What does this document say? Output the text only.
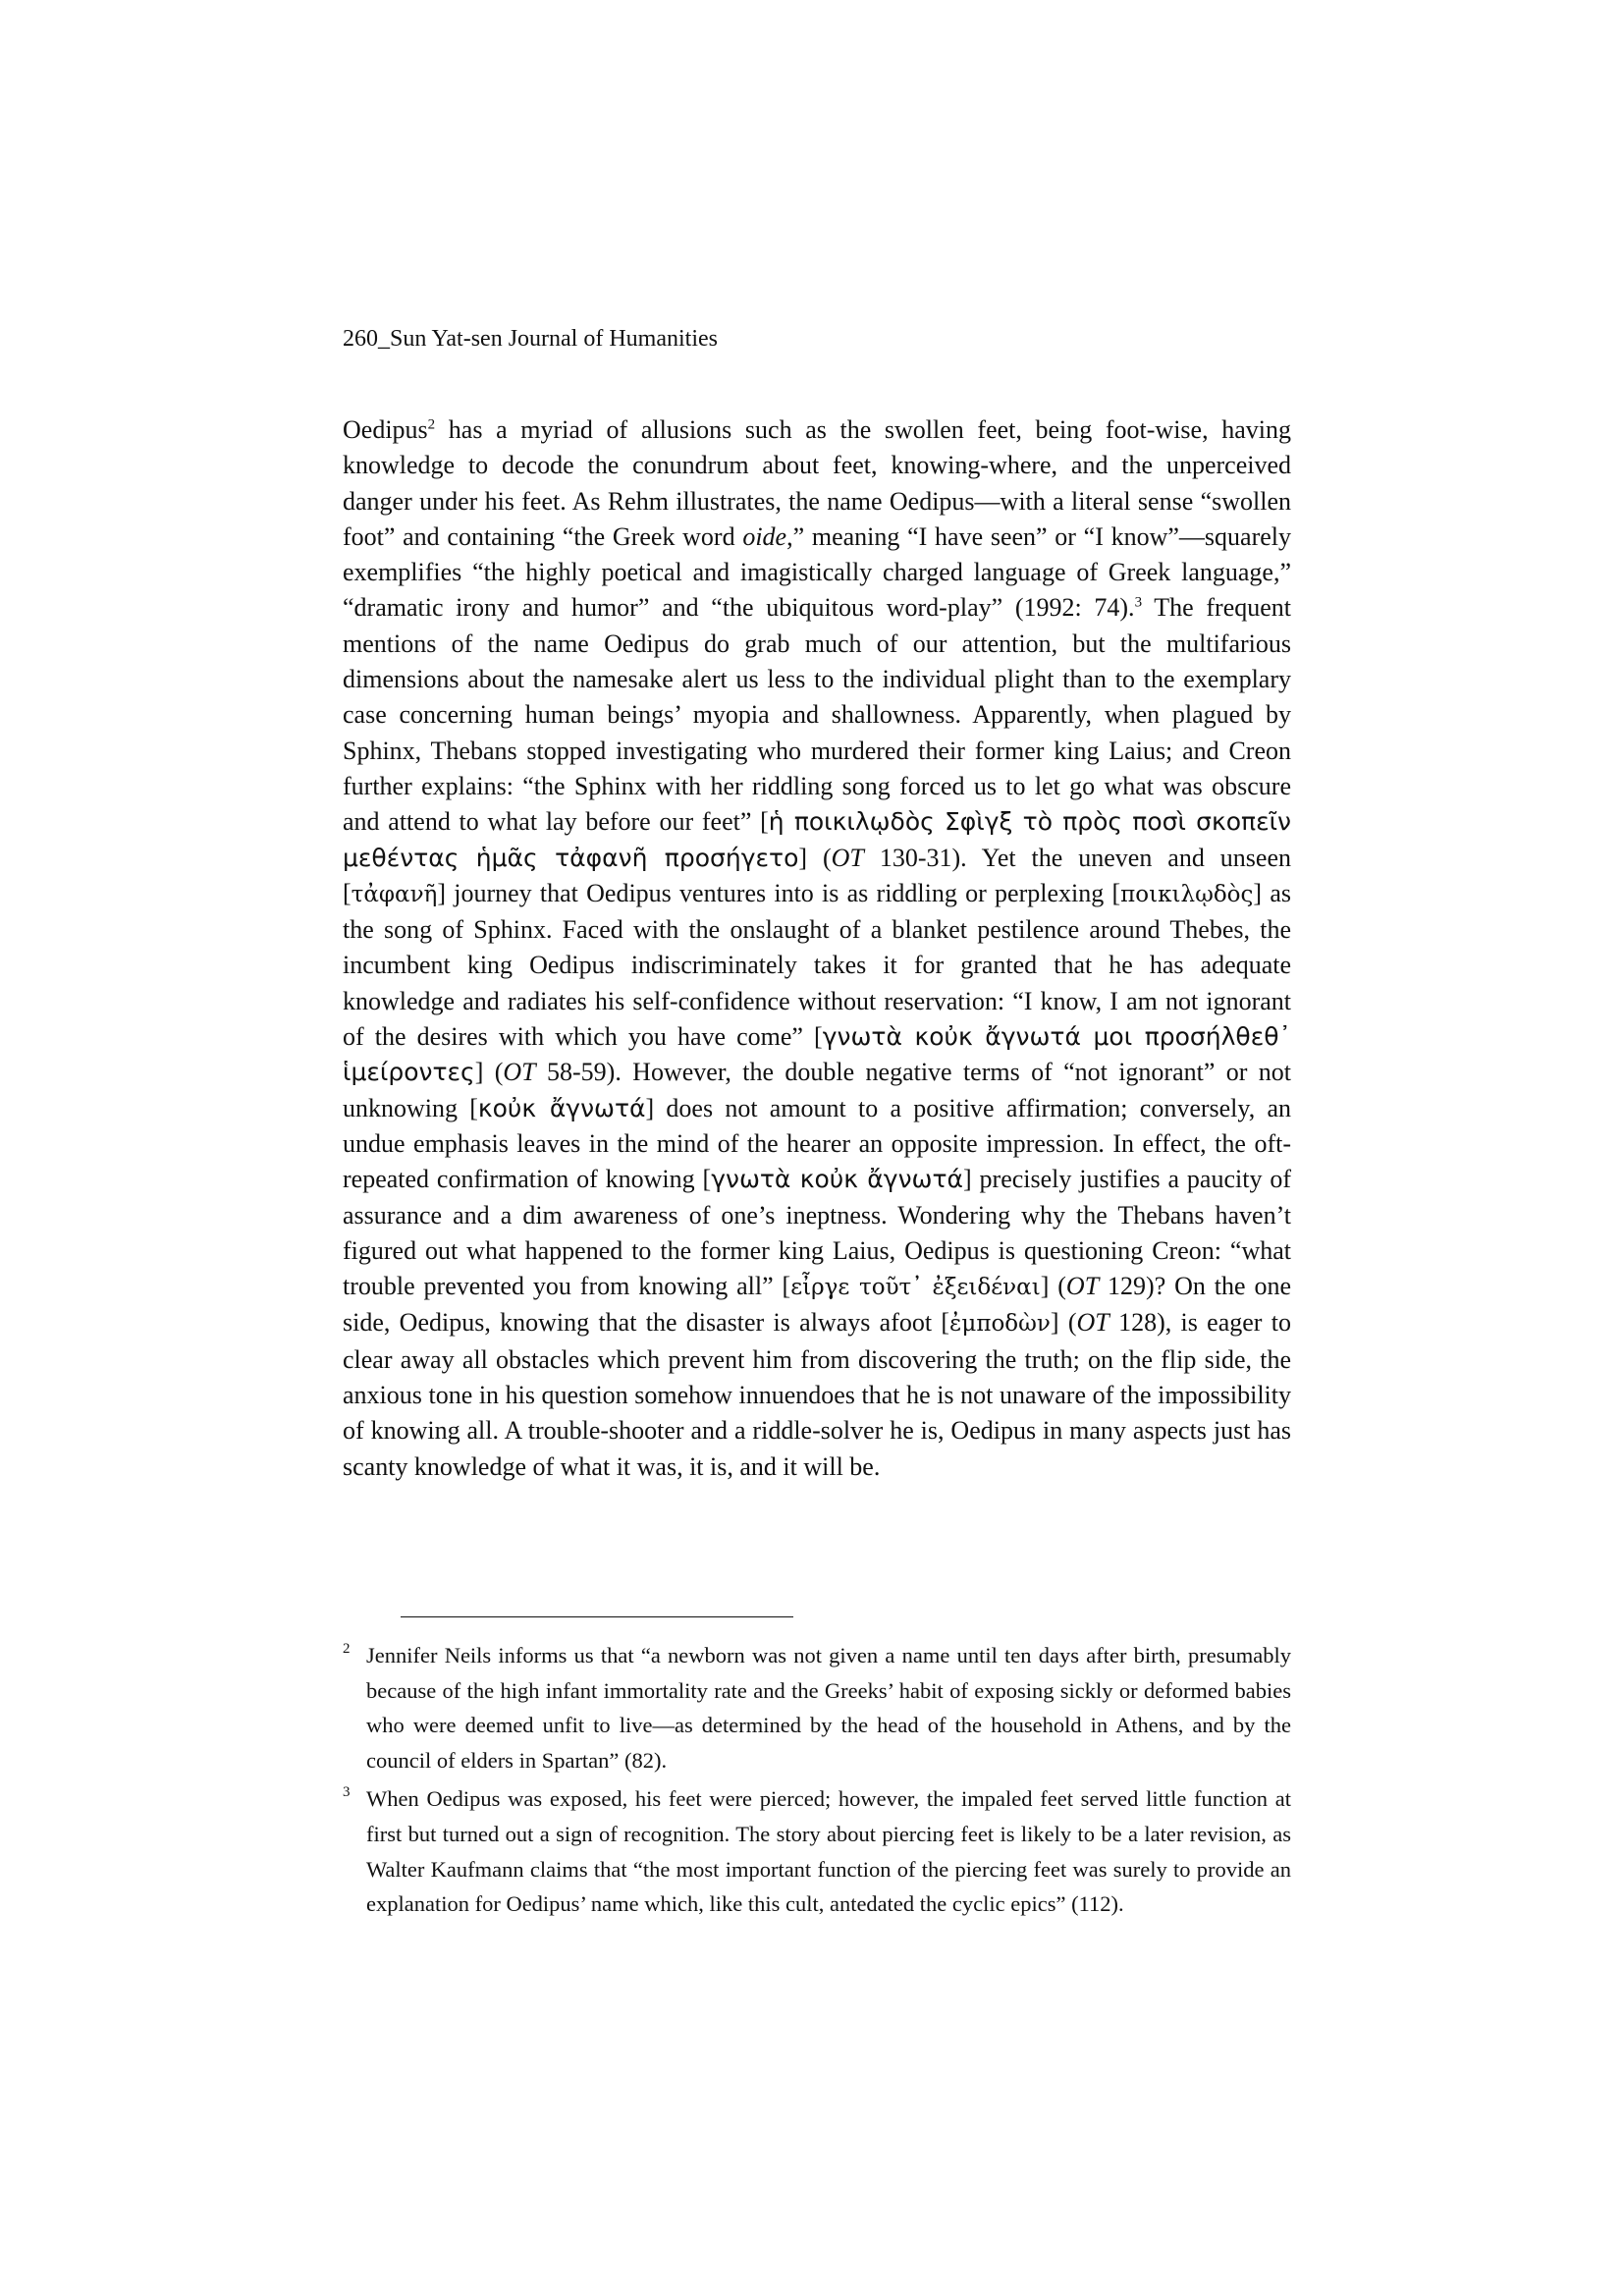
260_Sun Yat-sen Journal of Humanities

Oedipus$^2$ has a myriad of allusions such as the swollen feet, being foot-wise, having knowledge to decode the conundrum about feet, knowing-where, and the unperceived danger under his feet. As Rehm illustrates, the name Oedipus—with a literal sense “swollen foot” and containing “the Greek word oide,” meaning “I have seen” or “I know”—squarely exemplifies “the highly poetical and imagistically charged language of Greek language,” “dramatic irony and humor” and “the ubiquitous word-play” (1992: 74).$^3$ The frequent mentions of the name Oedipus do grab much of our attention, but the multifarious dimensions about the namesake alert us less to the individual plight than to the exemplary case concerning human beings’ myopia and shallowness. Apparently, when plagued by Sphinx, Thebans stopped investigating who murdered their former king Laius; and Creon further explains: “the Sphinx with her riddling song forced us to let go what was obscure and attend to what lay before our feet” [ἡ ποικιλῳδὸς Σφὶγξ τὸ πρὸς ποσὶ σκοπεῖν μεθέντας ἡμᾶς τἀφανῆ προσήγετο] (OT 130-31). Yet the uneven and unseen [τἀφανῆ] journey that Oedipus ventures into is as riddling or perplexing [ποικιλῳδὸς] as the song of Sphinx. Faced with the onslaught of a blanket pestilence around Thebes, the incumbent king Oedipus indiscriminately takes it for granted that he has adequate knowledge and radiates his self-confidence without reservation: “I know, I am not ignorant of the desires with which you have come” [γνωτὰ κοὐκ ἄγνωτά μοι προσήλθεθ᾽ ἱμείροντες] (OT 58-59). However, the double negative terms of “not ignorant” or not unknowing [κοὐκ ἄγνωτά] does not amount to a positive affirmation; conversely, an undue emphasis leaves in the mind of the hearer an opposite impression. In effect, the oft-repeated confirmation of knowing [γνωτὰ κοὐκ ἄγνωτά] precisely justifies a paucity of assurance and a dim awareness of one’s ineptness. Wondering why the Thebans haven’t figured out what happened to the former king Laius, Oedipus is questioning Creon: “what trouble prevented you from knowing all” [εἶργε τοῦτ᾽ ἐξειδέναι] (OT 129)? On the one side, Oedipus, knowing that the disaster is always afoot [ἐμποδὼν] (OT 128), is eager to clear away all obstacles which prevent him from discovering the truth; on the flip side, the anxious tone in his question somehow innuendoes that he is not unaware of the impossibility of knowing all. A trouble-shooter and a riddle-solver he is, Oedipus in many aspects just has scanty knowledge of what it was, it is, and it will be.

2 Jennifer Neils informs us that “a newborn was not given a name until ten days after birth, presumably because of the high infant immortality rate and the Greeks’ habit of exposing sickly or deformed babies who were deemed unfit to live—as determined by the head of the household in Athens, and by the council of elders in Spartan” (82).

3 When Oedipus was exposed, his feet were pierced; however, the impaled feet served little function at first but turned out a sign of recognition. The story about piercing feet is likely to be a later revision, as Walter Kaufmann claims that “the most important function of the piercing feet was surely to provide an explanation for Oedipus’ name which, like this cult, antedated the cyclic epics” (112).
